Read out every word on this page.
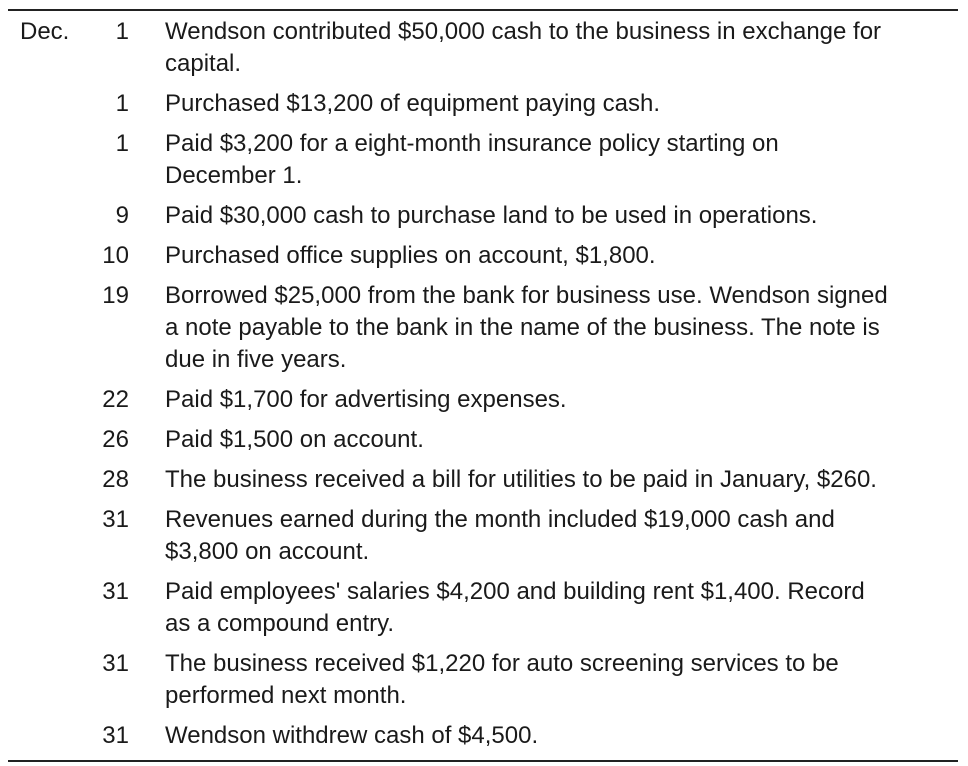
Dec.	1 Wendson contributed $50,000 cash to the business in exchange for
capital.
1 Purchased $13,200 of equipment paying cash.
1 Paid $3,200 for a eight-month insurance policy starting on
December 1.
9 Paid $30,000 cash to purchase land to be used in operations.
10 Purchased office supplies on account, $1,800.
19 Borrowed $25,000 from the bank for business use. Wendson signed
a note payable to the bank in the name of the business. The note is
due in five years.
22 Paid $1,700 for advertising expenses.
26 Paid $1,500 on account.
28 The business received a bill for utilities to be paid in January, $260.
31 Revenues earned during the month included $19,000 cash and
$3,800 on account.
31 Paid employees' salaries $4,200 and building rent $1,400. Record
as a compound entry.
31 The business received $1,220 for auto screening services to be
performed next month.
31 Wendson withdrew cash of $4,500.
